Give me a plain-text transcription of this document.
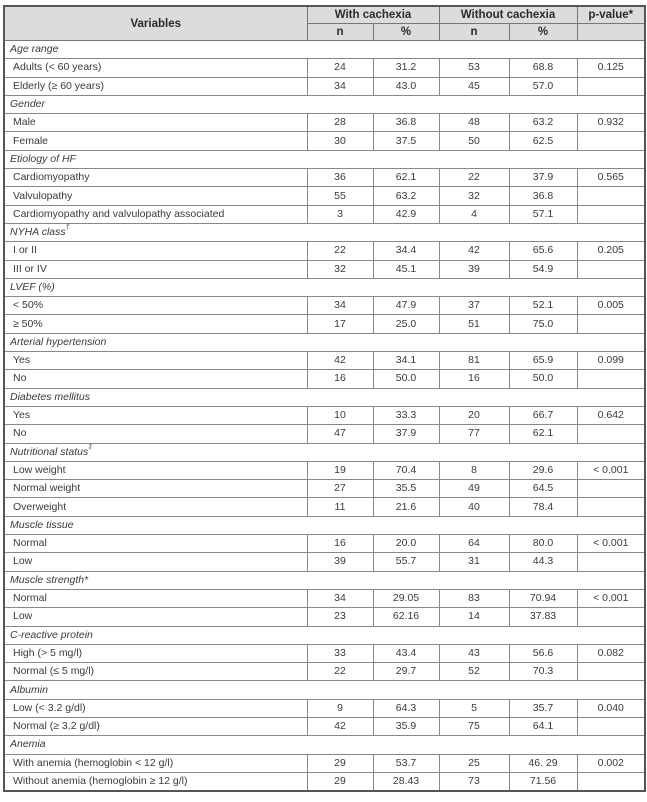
Variables	With cachexia		Without cachexia		p-value*
	n	%	n	%	
Age range					
Adults (< 60 years)	24	31.2	53	68.8	0.125
Elderly (≥ 60 years)	34	43.0	45	57.0	
Gender					
Male	28	36.8	48	63.2	0.932
Female	30	37.5	50	62.5	
Etiology of HF					
Cardiomyopathy	36	62.1	22	37.9	0.565
Valvulopathy	55	63.2	32	36.8	
Cardiomyopathy and valvulopathy associated	3	42.9	4	57.1	
NYHA class†
I or II	22	34.4	42	65.6	0.205
III or IV	32	45.1	39	54.9	
LVEF (%)					
< 50%	34	47.9	37	52.1	0.005
≥ 50%	17	25.0	51	75.0	
Arterial hypertension					
Yes	42	34.1	81	65.9	0.099
No	16	50.0	16	50.0	
Diabetes mellitus					
Yes	10	33.3	20	66.7	0.642
No	47	37.9	77	62.1	
Nutritional status‡
Low weight	19	70.4	8	29.6	< 0.001
Normal weight	27	35.5	49	64.5	
Overweight	11	21.6	40	78.4	
Muscle tissue					
Normal	16	20.0	64	80.0	< 0.001
Low	39	55.7	31	44.3	
Muscle strength*					
Normal	34	29.05	83	70.94	< 0.001
Low	23	62.16	14	37.83	
C-reactive protein					
High (> 5 mg/l)	33	43.4	43	56.6	0.082
Normal (≤ 5 mg/l)	22	29.7	52	70.3	
Albumin					
Low (< 3.2 g/dl)	9	64.3	5	35.7	0.040
Normal (≥ 3.2 g/dl)	42	35.9	75	64.1	
Anemia					
With anemia (hemoglobin < 12 g/l)	29	53.7	25	46. 29	0.002
Without anemia (hemoglobin ≥ 12 g/l)	29	28.43	73	71.56	
